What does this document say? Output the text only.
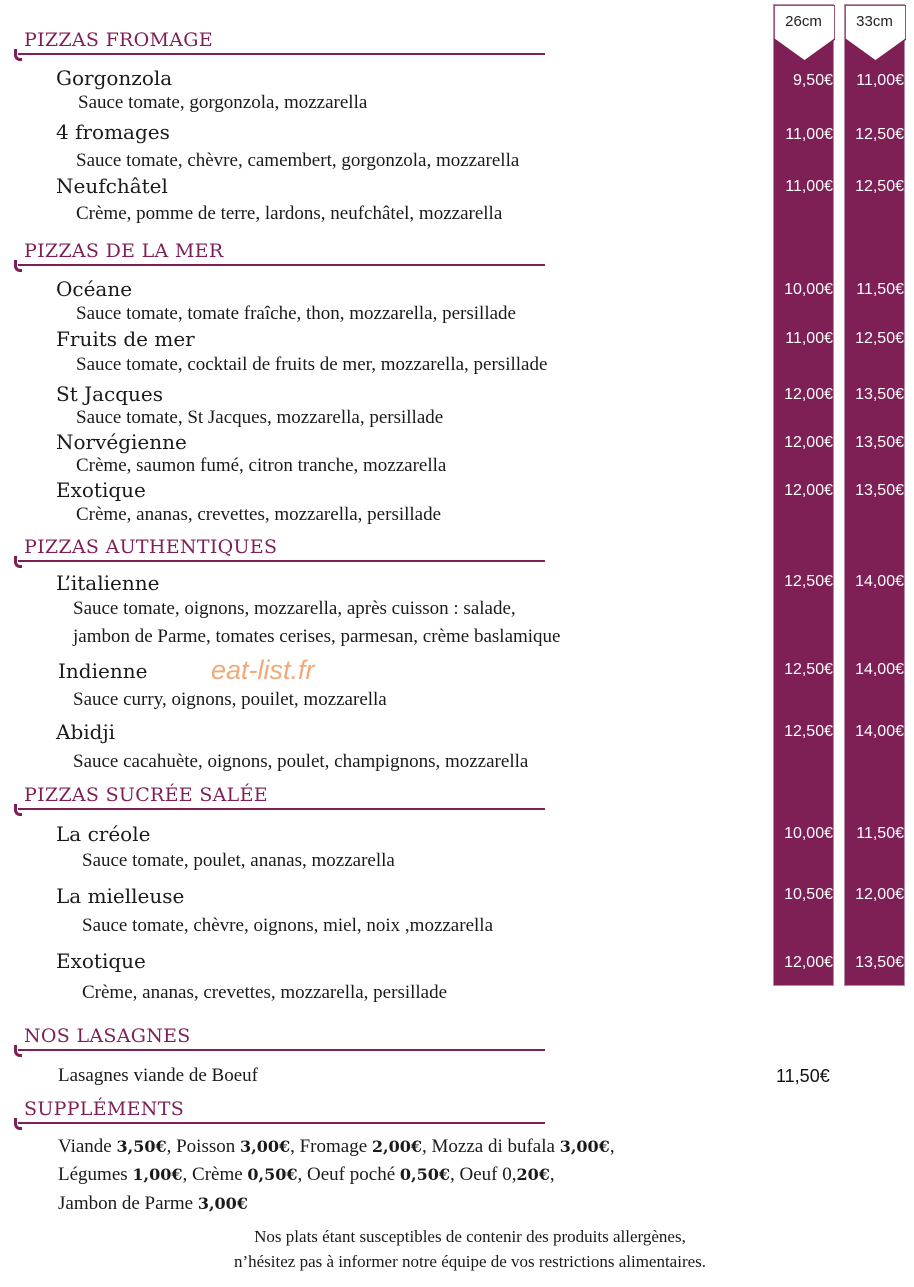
26cm	33cm
PIZZAS FROMAGE
Gorgonzola
Sauce tomate, gorgonzola, mozzarella
9,50€	11,00€
4 fromages
Sauce tomate, chèvre, camembert, gorgonzola, mozzarella
11,00€	12,50€
Neufchâtel
Crème, pomme de terre, lardons, neufchâtel, mozzarella
11,00€	12,50€
PIZZAS DE LA MER
Océane
Sauce tomate, tomate fraîche, thon, mozzarella, persillade
10,00€	11,50€
Fruits de mer
Sauce tomate, cocktail de fruits de mer, mozzarella, persillade
11,00€	12,50€
St Jacques
Sauce tomate, St Jacques, mozzarella, persillade
12,00€	13,50€
Norvégienne
Crème, saumon fumé, citron tranche, mozzarella
12,00€	13,50€
Exotique
Crème, ananas, crevettes, mozzarella, persillade
12,00€	13,50€
PIZZAS AUTHENTIQUES
L’italienne
Sauce tomate, oignons, mozzarella, après cuisson : salade,
jambon de Parme, tomates cerises, parmesan, crème baslamique
12,50€	14,00€
Indienne eat-list.fr
Sauce curry, oignons, pouilet, mozzarella
12,50€	14,00€
Abidji
Sauce cacahuète, oignons, poulet, champignons, mozzarella
12,50€	14,00€
PIZZAS SUCRÉE SALÉE
La créole
Sauce tomate, poulet, ananas, mozzarella
10,00€	11,50€
La mielleuse
Sauce tomate, chèvre, oignons, miel, noix ,mozzarella
10,50€	12,00€
Exotique
Crème, ananas, crevettes, mozzarella, persillade
12,00€	13,50€
NOS LASAGNES
Lasagnes viande de Boeuf	11,50€
SUPPLÉMENTS
Viande 3,50€, Poisson 3,00€, Fromage 2,00€, Mozza di bufala 3,00€,
Légumes 1,00€, Crème 0,50€, Oeuf poché 0,50€, Oeuf 0,20€,
Jambon de Parme 3,00€
Nos plats étant susceptibles de contenir des produits allergènes,
n’hésitez pas à informer notre équipe de vos restrictions alimentaires.
